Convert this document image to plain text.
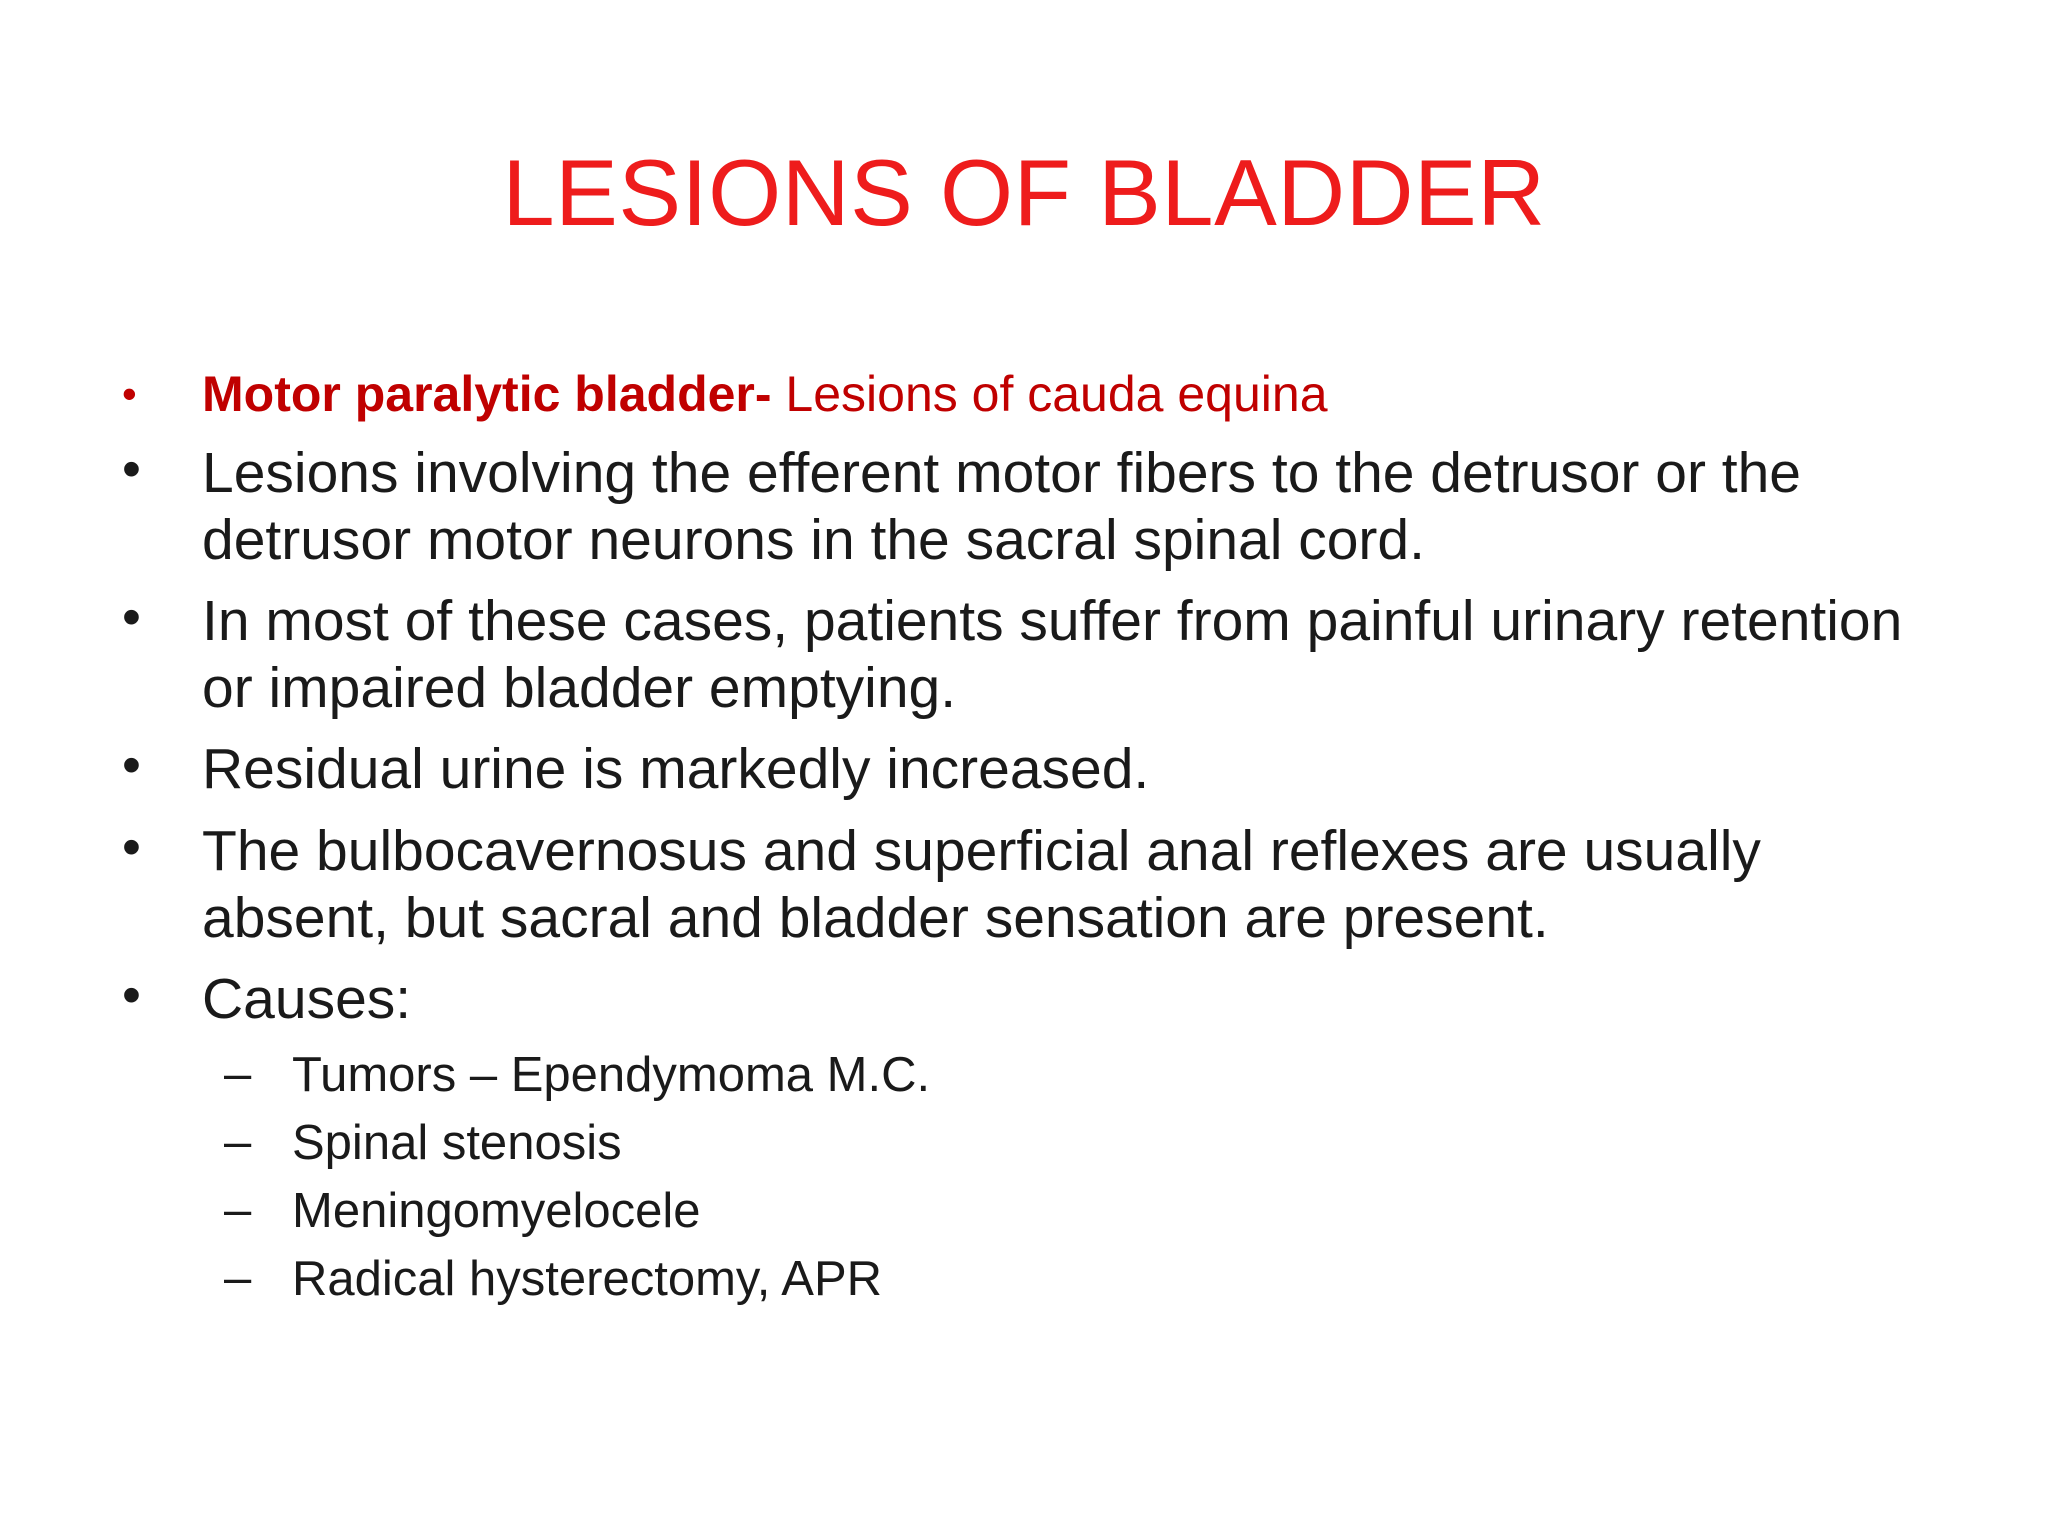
LESIONS OF BLADDER
• Motor paralytic bladder- Lesions of cauda equina
• Lesions involving the efferent motor fibers to the detrusor or the detrusor motor neurons in the sacral spinal cord.
• In most of these cases, patients suffer from painful urinary retention or impaired bladder emptying.
• Residual urine is markedly increased.
• The bulbocavernosus and superficial anal reflexes are usually absent, but sacral and bladder sensation are present.
• Causes:
– Tumors – Ependymoma M.C.
– Spinal stenosis
– Meningomyelocele
– Radical hysterectomy, APR
